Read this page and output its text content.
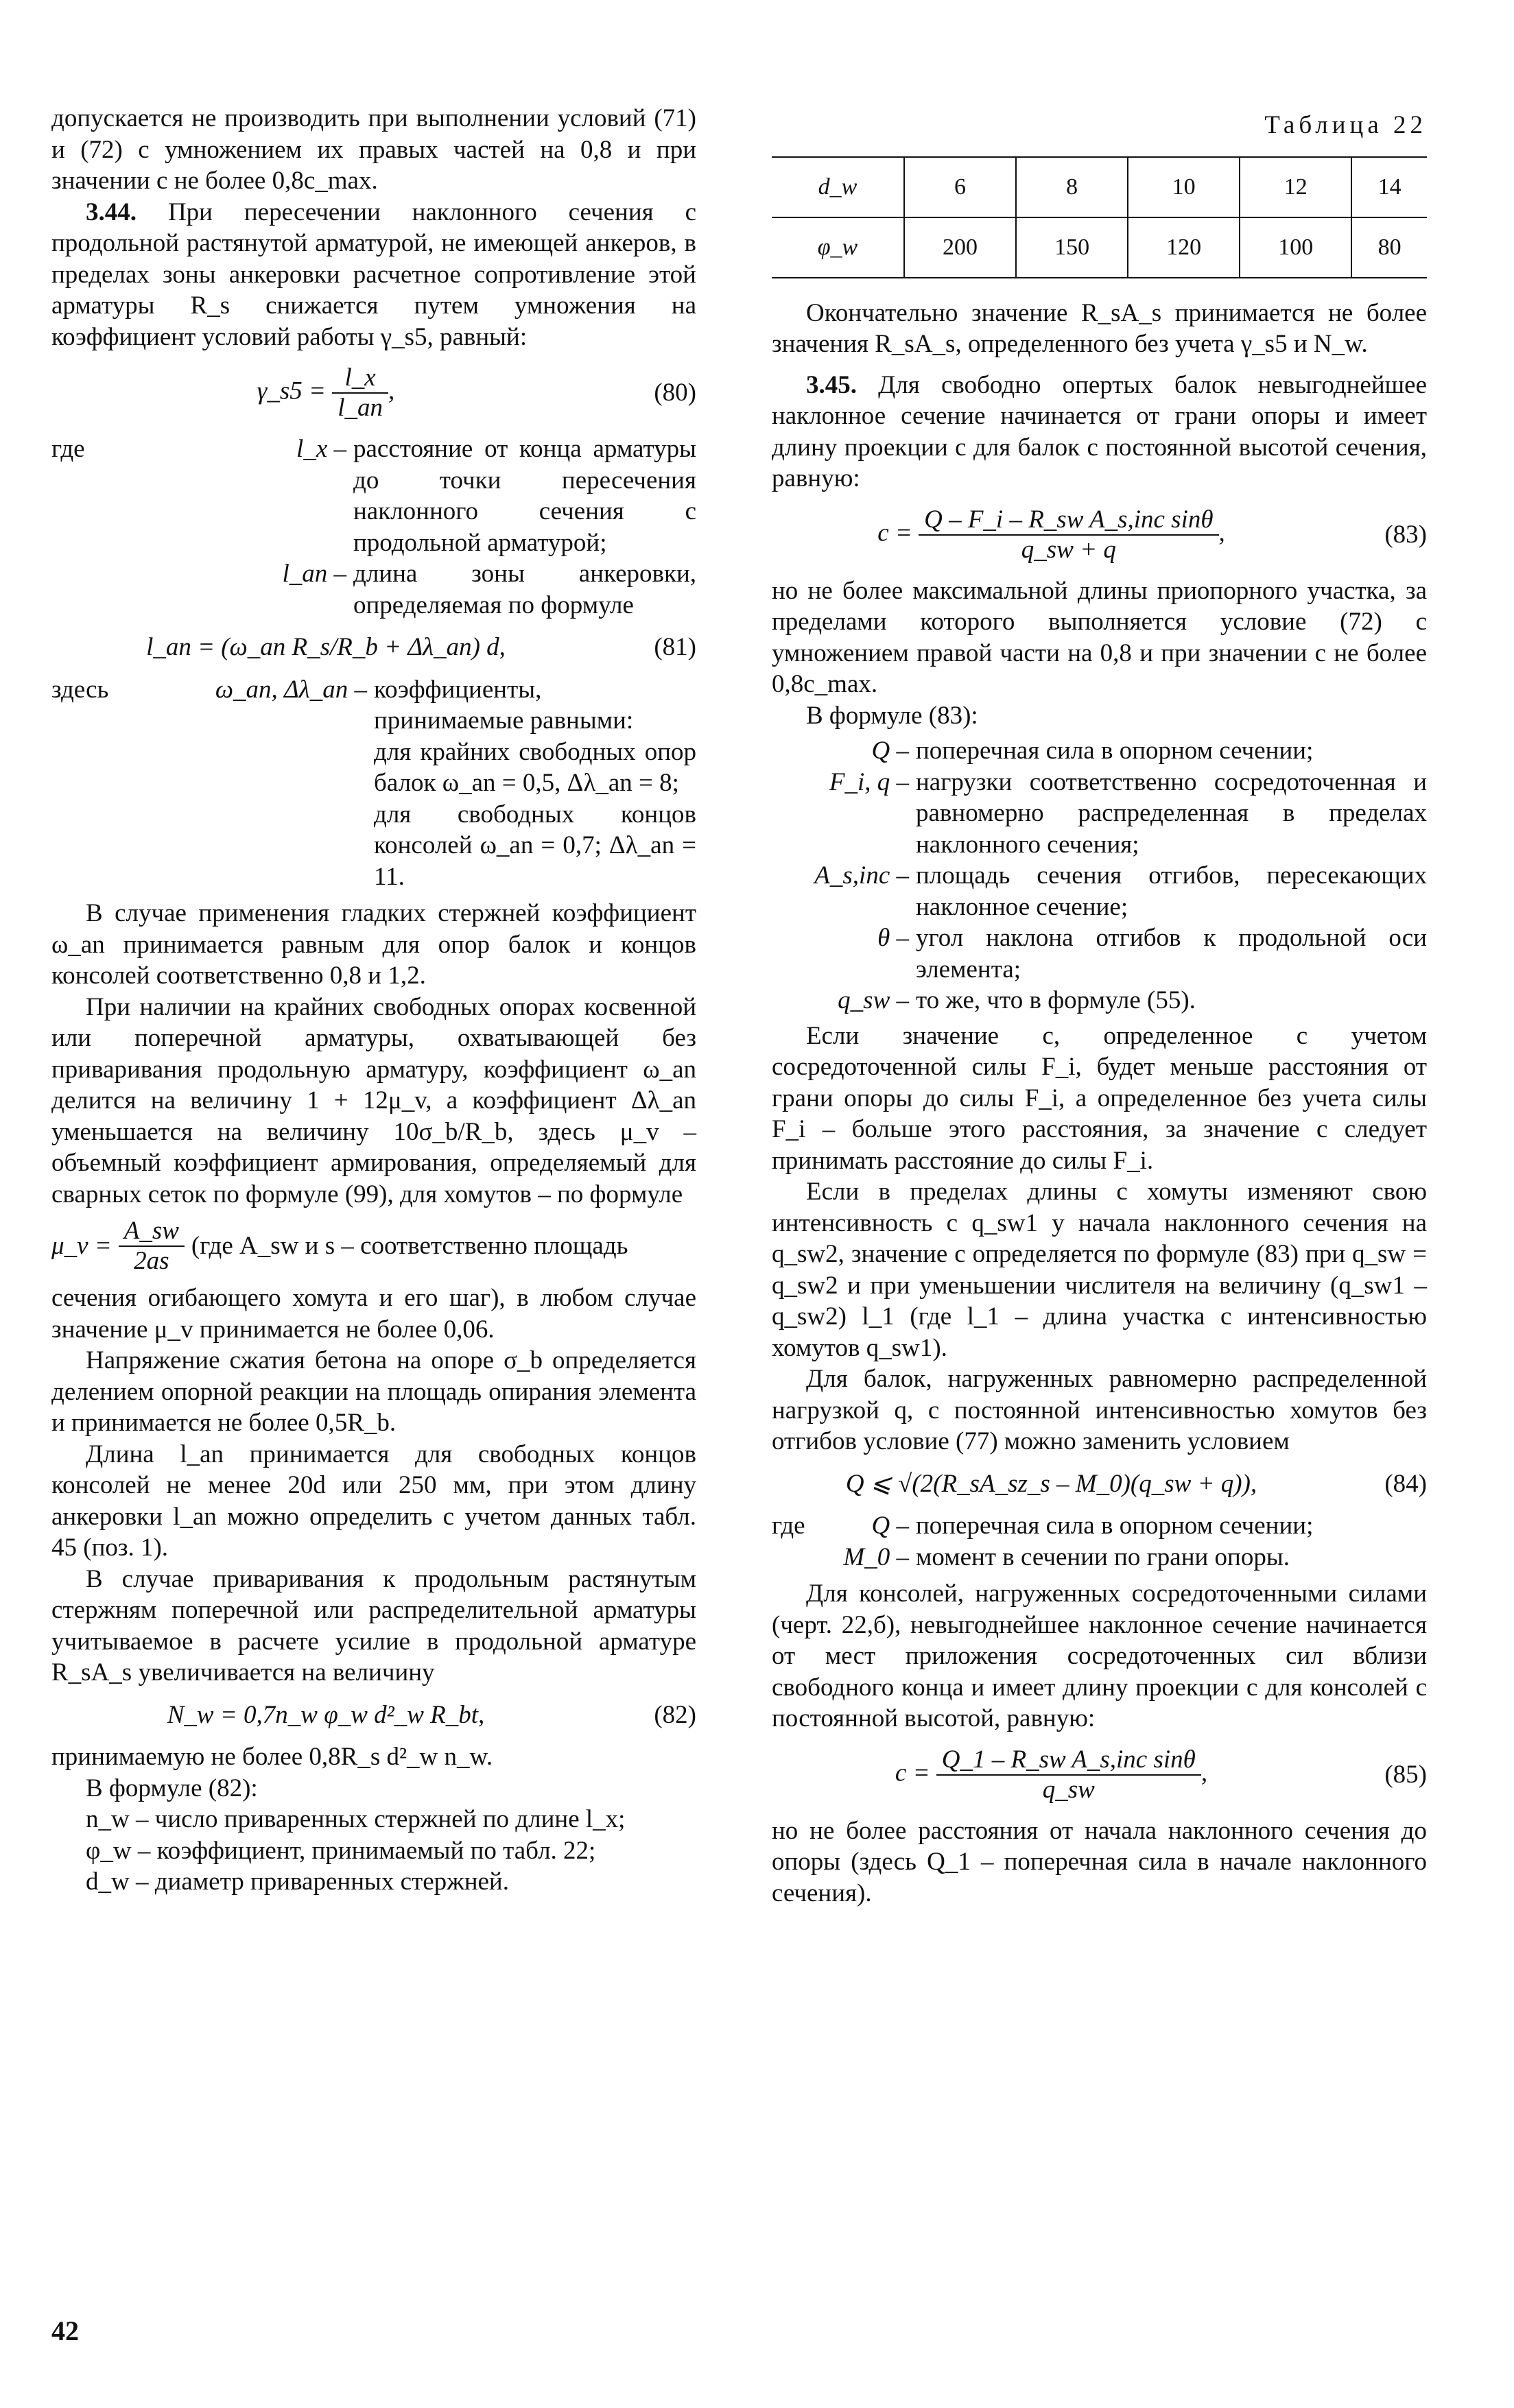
допускается не производить при выполнении условий (71) и (72) с умножением их правых частей на 0,8 и при значении c не более 0,8c_max.

3.44. При пересечении наклонного сечения с продольной растянутой арматурой, не имеющей анкеров, в пределах зоны анкеровки расчетное сопротивление этой арматуры R_s снижается путем умножения на коэффициент условий работы γ_s5, равный:

γ_s5 = $\frac{l\_x}{l\_an}$ ,	(80)
где	l_x – расстояние от конца арматуры до точки пересечения наклонного сечения с продольной арматурой;
l_an – длина зоны анкеровки, определяемая по формуле
l_an = (ω_an R_s/R_b + Δλ_an) d,	(81)
здесь	ω_an, Δλ_an – коэффициенты, принимаемые равными:
для крайних свободных опор балок ω_an = 0,5, Δλ_an = 8;
для свободных концов консолей ω_an = 0,7; Δλ_an = 11.

В случае применения гладких стержней коэффициент ω_an принимается равным для опор балок и концов консолей соответственно 0,8 и 1,2.

При наличии на крайних свободных опорах косвенной или поперечной арматуры, охватывающей без приваривания продольную арматуру, коэффициент ω_an делится на величину 1 + 12μ_v, а коэффициент Δλ_an уменьшается на величину 10σ_b/R_b, здесь μ_v – объемный коэффициент армирования, определяемый для сварных сеток по формуле (99), для хомутов – по формуле

μ_v = $\frac{A\_sw}{2as} (где$ A_sw и s – соответственно площадь

сечения огибающего хомута и его шаг), в любом случае значение μ_v принимается не более 0,06.

Напряжение сжатия бетона на опоре σ_b определяется делением опорной реакции на площадь опирания элемента и принимается не более 0,5R_b.

Длина l_an принимается для свободных концов консолей не менее 20d или 250 мм, при этом длину анкеровки l_an можно определить с учетом данных табл. 45 (поз. 1).

В случае приваривания к продольным растянутым стержням поперечной или распределительной арматуры учитываемое в расчете усилие в продольной арматуре R_sA_s увеличивается на величину

N_w = 0,7n_w φ_w d²_w R_bt,	(82)

принимаемую не более 0,8R_s d²_w n_w.

В формуле (82):

n_w – число приваренных стержней по длине l_x;

φ_w – коэффициент, принимаемый по табл. 22;

d_w – диаметр приваренных стержней.

Таблица 22
d_w	6	8	10	12	14
φ_w	200	150	120	100	80

Окончательно значение R_sA_s принимается не более значения R_sA_s, определенного без учета γ_s5 и N_w.

3.45. Для свободно опертых балок невыгоднейшее наклонное сечение начинается от грани опоры и имеет длину проекции c для балок с постоянной высотой сечения, равную:

$c = \frac{\text{Q – F\_i – R\_sw A\_s,inc sinθ}}{q\_sw + q}$ ,	(83)

но не более максимальной длины приопорного участка, за пределами которого выполняется условие (72) с умножением правой части на 0,8 и при значении c не более 0,8c_max.

В формуле (83):

Q – поперечная сила в опорном сечении;
F_i, q – нагрузки соответственно сосредоточенная и равномерно распределенная в пределах наклонного сечения;
A_s,inc – площадь сечения отгибов, пересекающих наклонное сечение;
θ – угол наклона отгибов к продольной оси элемента;
q_sw – то же, что в формуле (55).

Если значение c, определенное с учетом сосредоточенной силы F_i, будет меньше расстояния от грани опоры до силы F_i, а определенное без учета силы F_i – больше этого расстояния, за значение c следует принимать расстояние до силы F_i.

Если в пределах длины c хомуты изменяют свою интенсивность с q_sw1 у начала наклонного сечения на q_sw2, значение c определяется по формуле (83) при q_sw = q_sw2 и при уменьшении числителя на величину (q_sw1 – q_sw2) l_1 (где l_1 – длина участка с интенсивностью хомутов q_sw1).

Для балок, нагруженных равномерно распределенной нагрузкой q, с постоянной интенсивностью хомутов без отгибов условие (77) можно заменить условием

Q ⩽ √(2(R_sA_sz_s – M_0)(q_sw + q)),	(84)
где	Q – поперечная сила в опорном сечении;
M_0 – момент в сечении по грани опоры.

Для консолей, нагруженных сосредоточенными силами (черт. 22,б), невыгоднейшее наклонное сечение начинается от мест приложения сосредоточенных сил вблизи свободного конца и имеет длину проекции c для консолей с постоянной высотой, равную:

$c = \frac{\text{Q\_1 – R\_sw A\_s,inc sinθ}}{q\_sw}$ ,	(85)

но не более расстояния от начала наклонного сечения до опоры (здесь Q_1 – поперечная сила в начале наклонного сечения).

42
